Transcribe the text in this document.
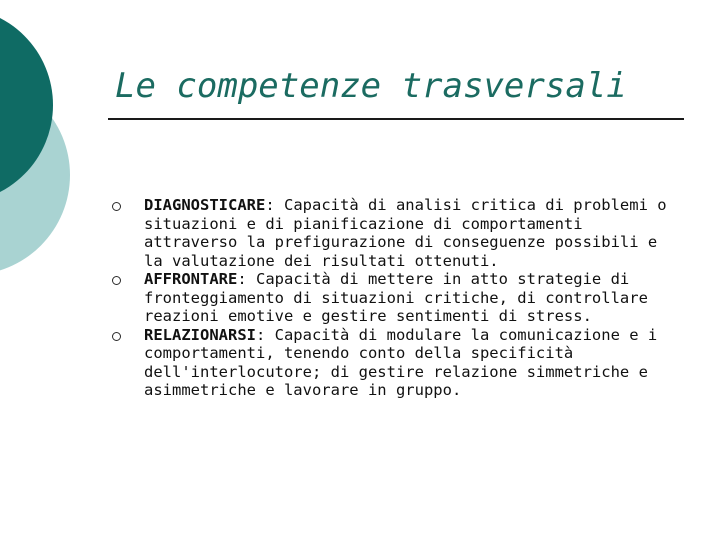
Le competenze trasversali
DIAGNOSTICARE: Capacità di analisi critica di problemi o situazioni e di pianificazione di comportamenti attraverso la prefigurazione di conseguenze possibili e la valutazione dei risultati ottenuti.
AFFRONTARE: Capacità di mettere in atto strategie di fronteggiamento di situazioni critiche, di controllare reazioni emotive e gestire sentimenti di stress.
RELAZIONARSI: Capacità di modulare la comunicazione e i comportamenti, tenendo conto della specificità dell'interlocutore; di gestire relazione simmetriche e asimmetriche e lavorare in gruppo.
